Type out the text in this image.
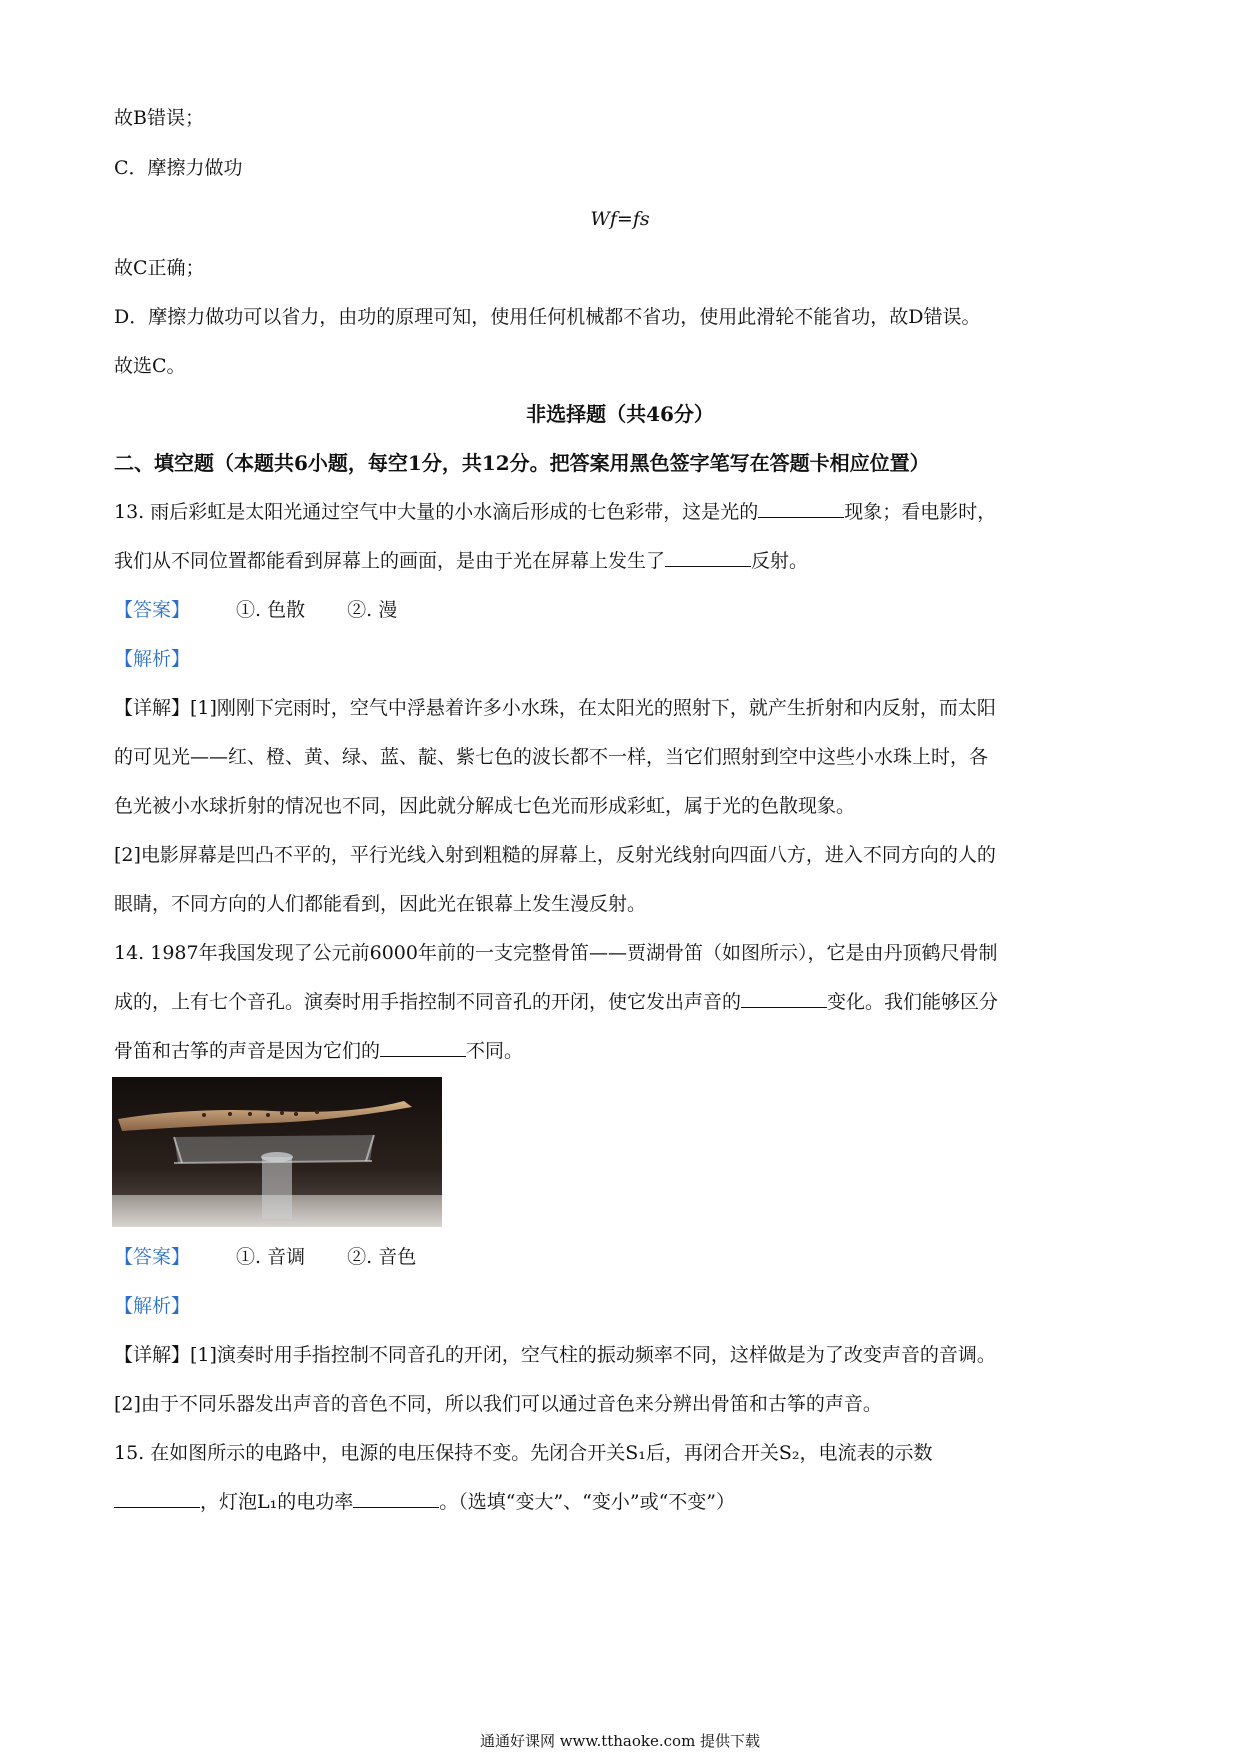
故B错误；
C．摩擦力做功
Wf=fs
故C正确；
D．摩擦力做功可以省力，由功的原理可知，使用任何机械都不省功，使用此滑轮不能省功，故D错误。
故选C。
非选择题（共46分）
二、填空题（本题共6小题，每空1分，共12分。把答案用黑色签字笔写在答题卡相应位置）
13. 雨后彩虹是太阳光通过空气中大量的小水滴后形成的七色彩带，这是光的	现象；看电影时，
我们从不同位置都能看到屏幕上的画面，是由于光在屏幕上发生了	反射。
【答案】 ①. 色散 ②. 漫
【解析】
【详解】[1]刚刚下完雨时，空气中浮悬着许多小水珠，在太阳光的照射下，就产生折射和内反射，而太阳
的可见光——红、橙、黄、绿、蓝、靛、紫七色的波长都不一样，当它们照射到空中这些小水珠上时，各
色光被小水球折射的情况也不同，因此就分解成七色光而形成彩虹，属于光的色散现象。
[2]电影屏幕是凹凸不平的，平行光线入射到粗糙的屏幕上，反射光线射向四面八方，进入不同方向的人的
眼睛，不同方向的人们都能看到，因此光在银幕上发生漫反射。
14. 1987年我国发现了公元前6000年前的一支完整骨笛——贾湖骨笛（如图所示），它是由丹顶鹤尺骨制
成的，上有七个音孔。演奏时用手指控制不同音孔的开闭，使它发出声音的	变化。我们能够区分
骨笛和古筝的声音是因为它们的	不同。
【答案】 ①. 音调 ②. 音色
【解析】
【详解】[1]演奏时用手指控制不同音孔的开闭，空气柱的振动频率不同，这样做是为了改变声音的音调。
[2]由于不同乐器发出声音的音色不同，所以我们可以通过音色来分辨出骨笛和古筝的声音。
15. 在如图所示的电路中，电源的电压保持不变。先闭合开关S₁后，再闭合开关S₂，电流表的示数
，灯泡L₁的电功率	。（选填“变大”、“变小”或“不变”）
通通好课网 www.tthaoke.com 提供下载
